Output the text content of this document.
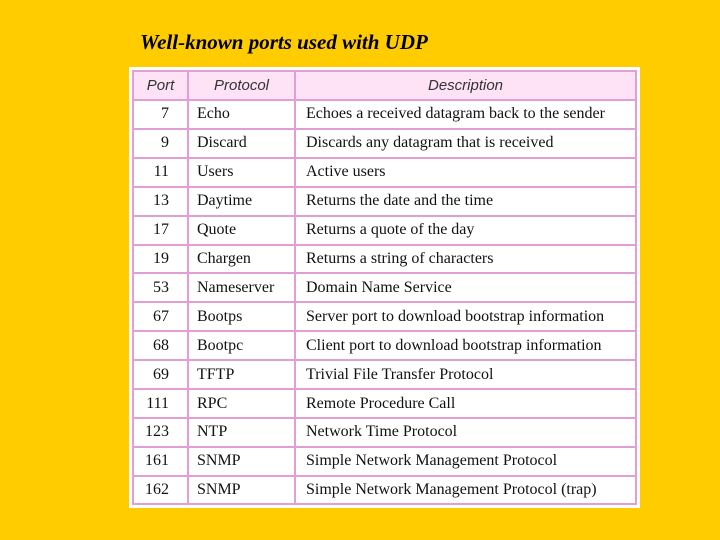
Well-known ports used with UDP
Port	Protocol	Description
7	Echo	Echoes a received datagram back to the sender
9	Discard	Discards any datagram that is received
11	Users	Active users
13	Daytime	Returns the date and the time
17	Quote	Returns a quote of the day
19	Chargen	Returns a string of characters
53	Nameserver	Domain Name Service
67	Bootps	Server port to download bootstrap information
68	Bootpc	Client port to download bootstrap information
69	TFTP	Trivial File Transfer Protocol
111	RPC	Remote Procedure Call
123	NTP	Network Time Protocol
161	SNMP	Simple Network Management Protocol
162	SNMP	Simple Network Management Protocol (trap)
